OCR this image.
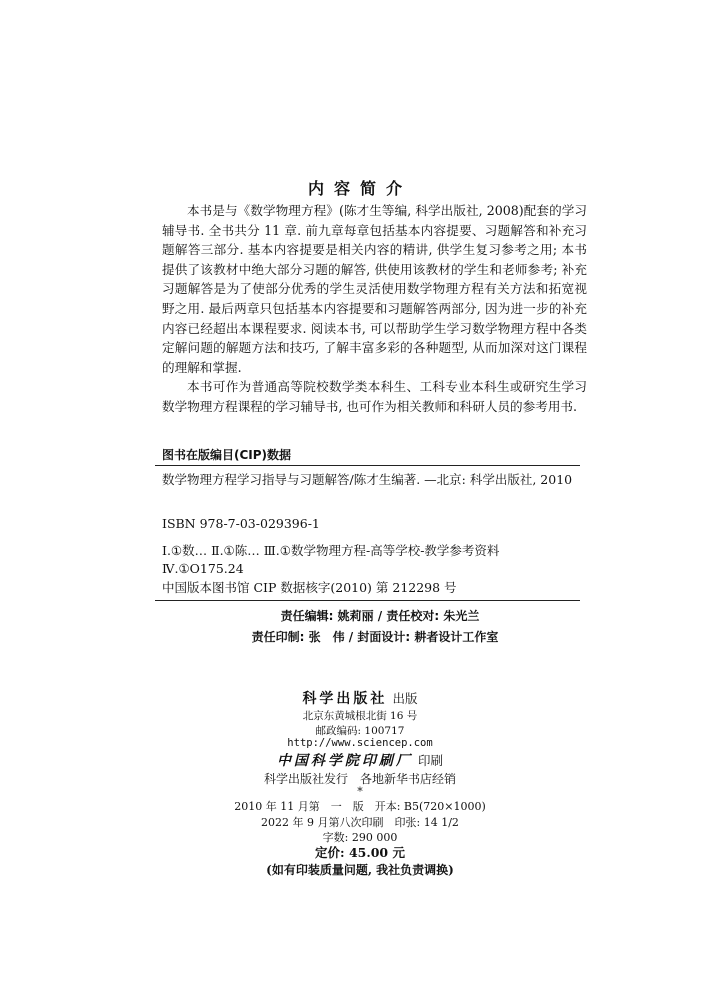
内容简介

本书是与《数学物理方程》(陈才生等编, 科学出版社, 2008)配套的学习辅导书. 全书共分 11 章. 前九章每章包括基本内容提要、习题解答和补充习题解答三部分. 基本内容提要是相关内容的精讲, 供学生复习参考之用; 本书提供了该教材中绝大部分习题的解答, 供使用该教材的学生和老师参考; 补充习题解答是为了使部分优秀的学生灵活使用数学物理方程有关方法和拓宽视野之用. 最后两章只包括基本内容提要和习题解答两部分, 因为进一步的补充内容已经超出本课程要求. 阅读本书, 可以帮助学生学习数学物理方程中各类定解问题的解题方法和技巧, 了解丰富多彩的各种题型, 从而加深对这门课程的理解和掌握.

本书可作为普通高等院校数学类本科生、工科专业本科生或研究生学习数学物理方程课程的学习辅导书, 也可作为相关教师和科研人员的参考用书.

图书在版编目(CIP)数据
数学物理方程学习指导与习题解答/陈才生编著. —北京: 科学出版社, 2010
ISBN 978-7-03-029396-1
Ⅰ.①数… Ⅱ.①陈… Ⅲ.①数学物理方程-高等学校-教学参考资料
Ⅳ.①O175.24
中国版本图书馆 CIP 数据核字(2010) 第 212298 号
责任编辑: 姚莉丽 / 责任校对: 朱光兰
责任印制: 张　伟 / 封面设计: 耕者设计工作室
科学出版社 出版
北京东黄城根北街 16 号
邮政编码: 100717
http://www.sciencep.com
中国科学院印刷厂 印刷
科学出版社发行　各地新华书店经销
*
2010 年 11 月第　一　版　开本: B5(720×1000)
2022 年 9 月第八次印刷　印张: 14 1/2
字数: 290 000
定价: 45.00 元
(如有印装质量问题, 我社负责调换)
